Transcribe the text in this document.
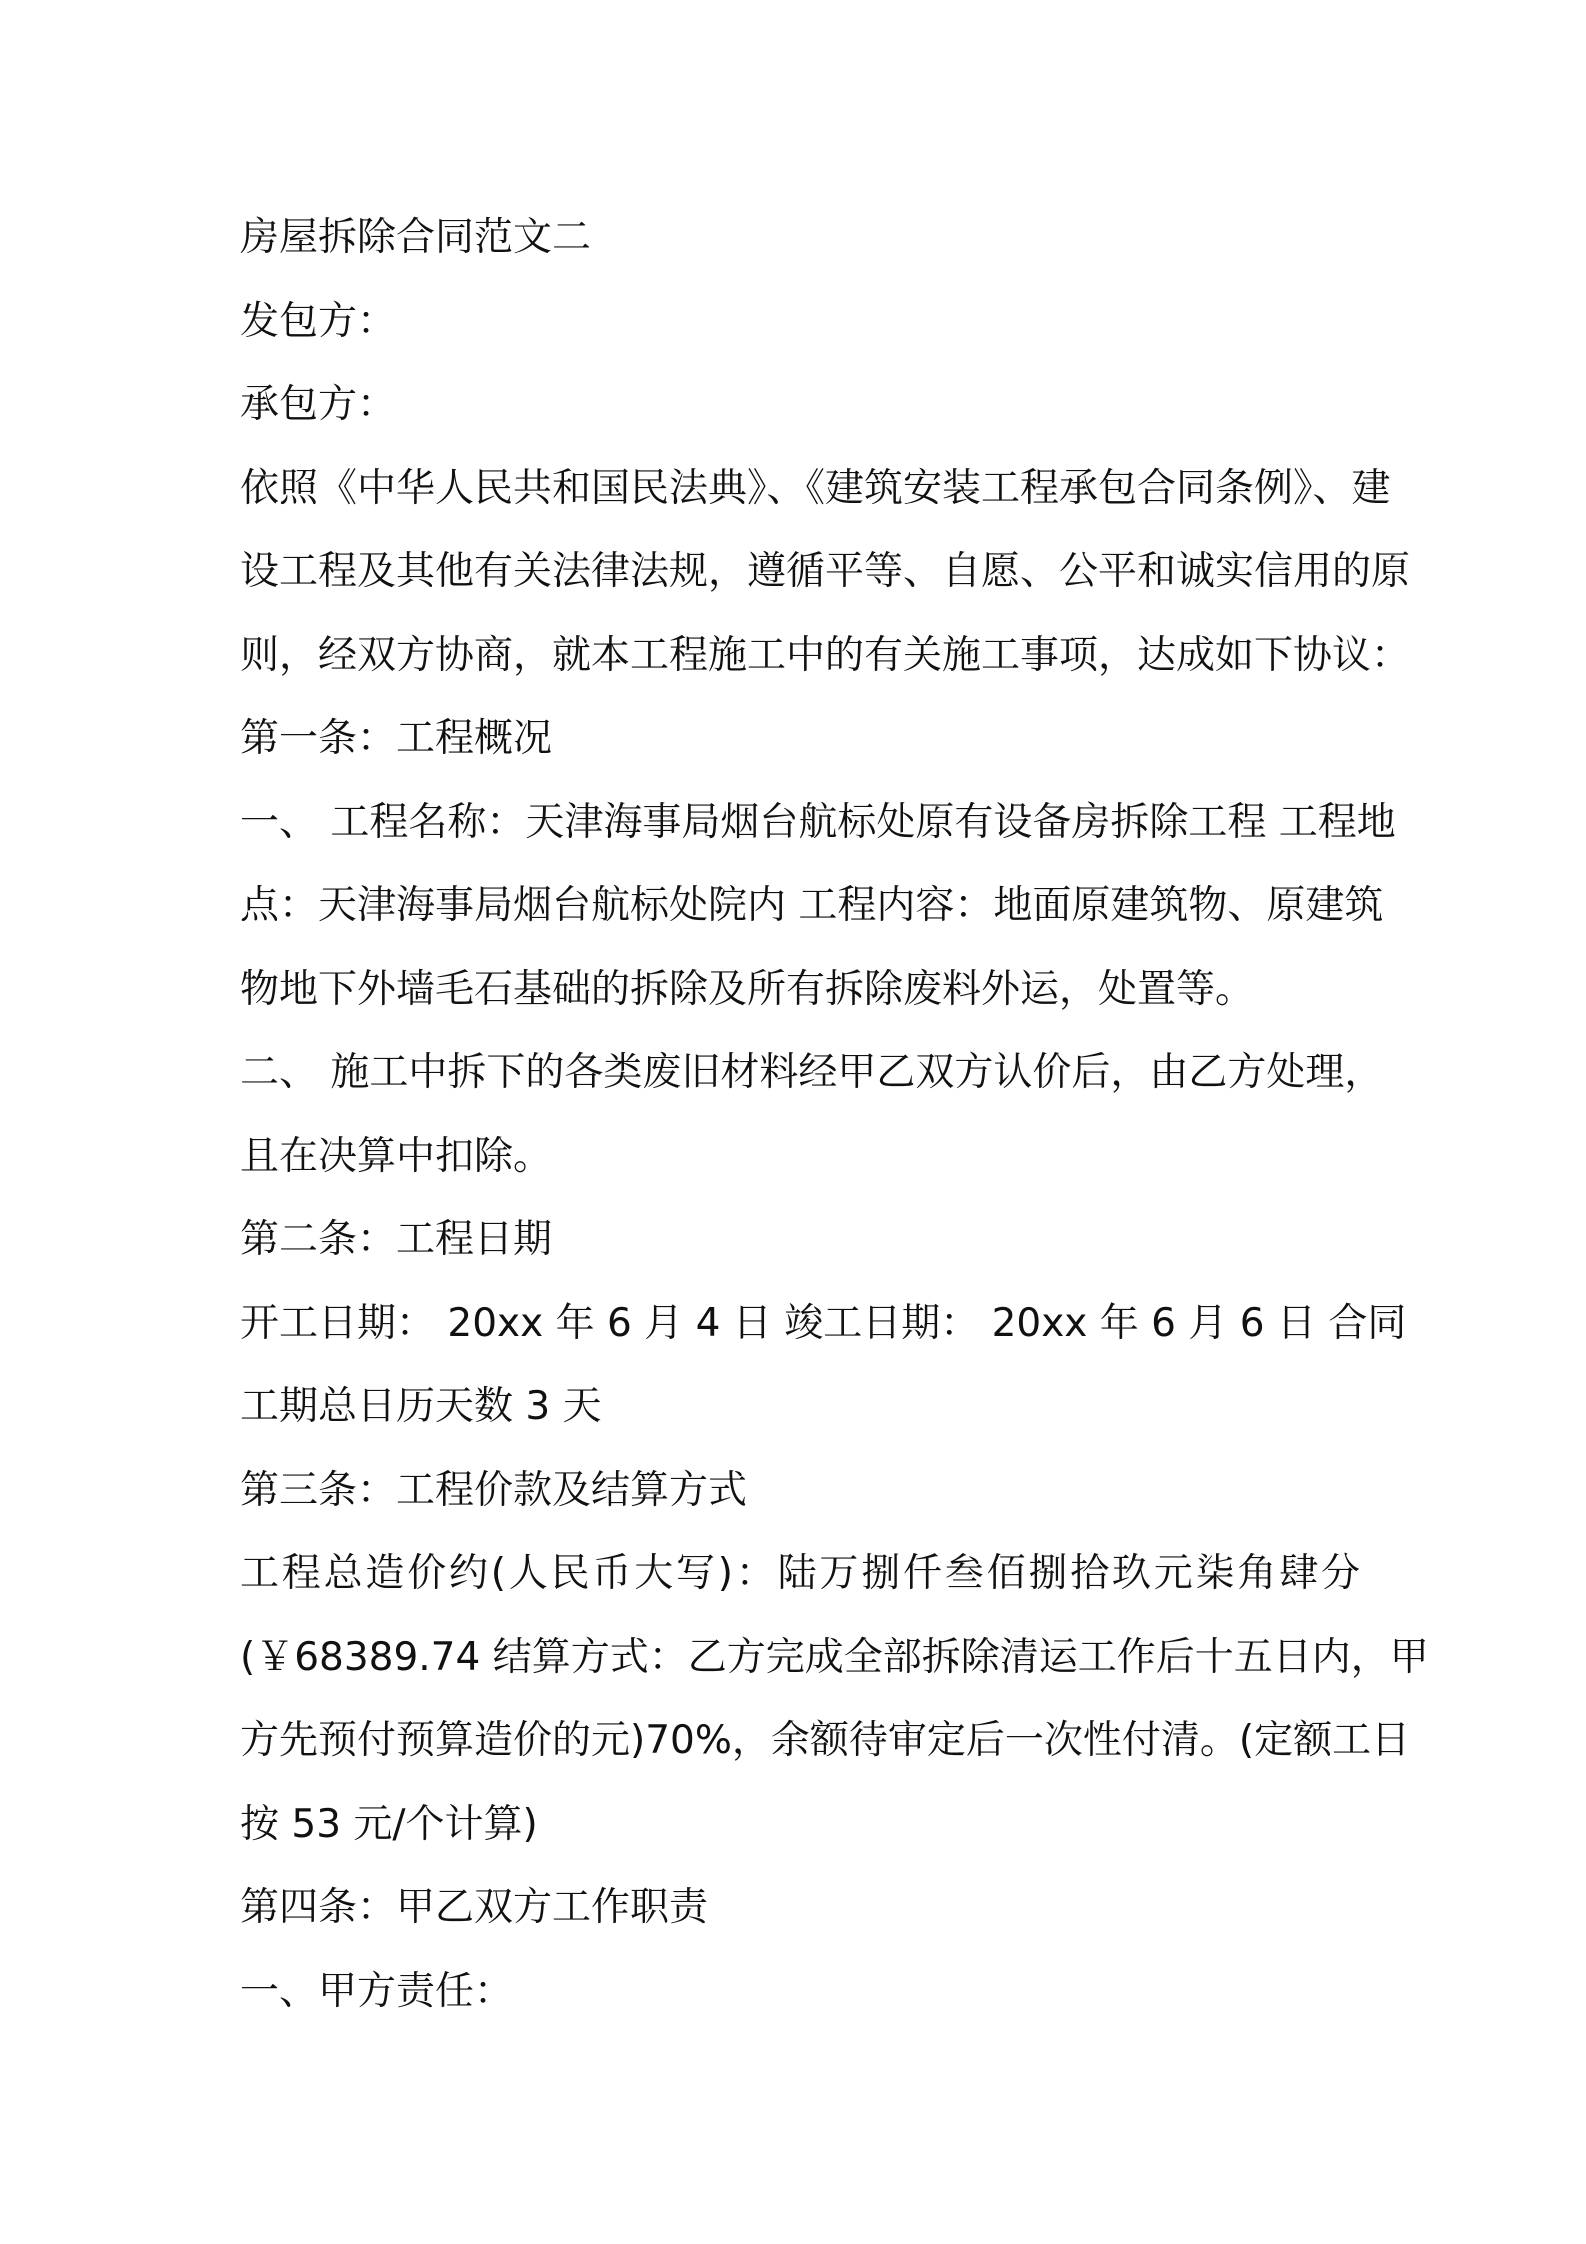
房屋拆除合同范文二
发包方：
承包方：
依照《中华人民共和国民法典》、《建筑安装工程承包合同条例》、建
设工程及其他有关法律法规，遵循平等、自愿、公平和诚实信用的原
则，经双方协商，就本工程施工中的有关施工事项，达成如下协议：
第一条：工程概况
一、 工程名称：天津海事局烟台航标处原有设备房拆除工程 工程地
点：天津海事局烟台航标处院内 工程内容：地面原建筑物、原建筑
物地下外墙毛石基础的拆除及所有拆除废料外运，处置等。
二、 施工中拆下的各类废旧材料经甲乙双方认价后，由乙方处理，
且在决算中扣除。
第二条：工程日期
开工日期： 20xx 年 6 月 4 日 竣工日期： 20xx 年 6 月 6 日 合同
工期总日历天数 3 天
第三条：工程价款及结算方式
工程总造价约(人民币大写)：陆万捌仟叁佰捌拾玖元柒角肆分
(￥68389.74 结算方式：乙方完成全部拆除清运工作后十五日内，甲
方先预付预算造价的元)70%，余额待审定后一次性付清。(定额工日
按 53 元/个计算)
第四条：甲乙双方工作职责
一、甲方责任：
